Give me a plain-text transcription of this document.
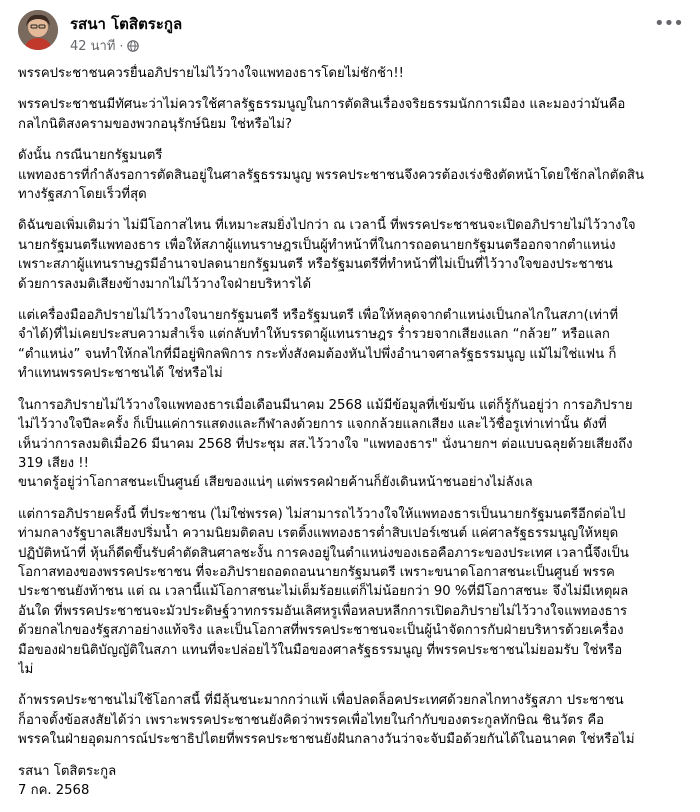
รสนา โตสิตระกูล
42 นาที ·
•••

พรรคประชาชนควรยื่นอภิปรายไม่ไว้วางใจแพทองธารโดยไม่ชักช้า!!

พรรคประชาชนมีทัศนะว่าไม่ควรใช้ศาลรัฐธรรมนูญในการตัดสินเรื่องจริยธรรมนักการเมือง และมองว่ามันคือ
กลไกนิติสงครามของพวกอนุรักษ์นิยม ใช่หรือไม่?

ดังนั้น กรณีนายกรัฐมนตรี
แพทองธารที่กำลังรอการตัดสินอยู่ในศาลรัฐธรรมนูญ พรรคประชาชนจึงควรต้องเร่งชิงตัดหน้าโดยใช้กลไกตัดสิน
ทางรัฐสภาโดยเร็วที่สุด

ดิฉันขอเพิ่มเติมว่า ไม่มีโอกาสไหน ที่เหมาะสมยิ่งไปกว่า ณ เวลานี้ ที่พรรคประชาชนจะเปิดอภิปรายไม่ไว้วางใจ
นายกรัฐมนตรีแพทองธาร เพื่อให้สภาผู้แทนราษฎรเป็นผู้ทำหน้าที่ในการถอดนายกรัฐมนตรีออกจากตำแหน่ง
เพราะสภาผู้แทนราษฎรมีอำนาจปลดนายกรัฐมนตรี หรือรัฐมนตรีที่ทำหน้าที่ไม่เป็นที่ไว้วางใจของประชาชน
ด้วยการลงมติเสียงข้างมากไม่ไว้วางใจฝ่ายบริหารได้

แต่เครื่องมืออภิปรายไม่ไว้วางใจนายกรัฐมนตรี หรือรัฐมนตรี เพื่อให้หลุดจากตำแหน่งเป็นกลไกในสภา(เท่าที่
จำได้)ที่ไม่เคยประสบความสำเร็จ แต่กลับทำให้บรรดาผู้แทนราษฎร ร่ำรวยจากเสียงแลก “กล้วย” หรือแลก
“ตำแหน่ง” จนทำให้กลไกที่มีอยู่พิกลพิการ กระทั่งสังคมต้องหันไปพึ่งอำนาจศาลรัฐธรรมนูญ แม้ไม่ใช่แฟน ก็
ทำแทนพรรคประชาชนได้ ใช่หรือไม่

ในการอภิปรายไม่ไว้วางใจแพทองธารเมื่อเดือนมีนาคม 2568 แม้มีข้อมูลที่เข้มข้น แต่ก็รู้กันอยู่ว่า การอภิปราย
ไม่ไว้วางใจปีละครั้ง ก็เป็นแค่การแสดงและกีฬาลงด้วยการ แจกกล้วยแลกเสียง และไว้ชื่อรูเท่าเท่านั้น ดังที่
เห็นว่าการลงมติเมื่อ26 มีนาคม 2568 ที่ประชุม สส.ไว้วางใจ "แพทองธาร" นั่งนายกฯ ต่อแบบฉลุยด้วยเสียงถึง
319 เสียง !!
ขนาดรู้อยู่ว่าโอกาสชนะเป็นศูนย์ เสียของแน่ๆ แต่พรรคฝ่ายค้านก็ยังเดินหน้าชนอย่างไม่ลังเล

แต่การอภิปรายครั้งนี้ ที่ประชาชน (ไม่ใช่พรรค) ไม่สามารถไว้วางใจให้แพทองธารเป็นนายกรัฐมนตรีอีกต่อไป
ท่ามกลางรัฐบาลเสียงปริ่มน้ำ ความนิยมติดลบ เรตติ้งแพทองธารต่ำสิบเปอร์เซนต์ แค่ศาลรัฐธรรมนูญให้หยุด
ปฏิบัติหน้าที่ หุ้นก็ดีดขึ้นรับคำตัดสินศาลชะงั้น การคงอยู่ในตำแหน่งของเธอคือภาระของประเทศ เวลานี้จึงเป็น
โอกาสทองของพรรคประชาชน ที่จะอภิปรายถอดถอนนายกรัฐมนตรี เพราะขนาดโอกาสชนะเป็นศูนย์ พรรค
ประชาชนยังท้าชน แต่ ณ เวลานี้แม้โอกาสชนะไม่เต็มร้อยแต่ก็ไม่น้อยกว่า 90 %ที่มีโอกาสชนะ จึงไม่มีเหตุผล
อันใด ที่พรรคประชาชนจะมัวประดิษฐ์วาทกรรมอันเลิศหรูเพื่อหลบหลีกการเปิดอภิปรายไม่ไว้วางใจแพทองธาร
ด้วยกลไกของรัฐสภาอย่างแท้จริง และเป็นโอกาสที่พรรคประชาชนจะเป็นผู้นำจัดการกับฝ่ายบริหารด้วยเครื่อง
มือของฝ่ายนิติบัญญัติในสภา แทนที่จะปล่อยไว้ในมือของศาลรัฐธรรมนูญ ที่พรรคประชาชนไม่ยอมรับ ใช่หรือ
ไม่

ถ้าพรรคประชาชนไม่ใช้โอกาสนี้ ที่มีลุ้นชนะมากกว่าแพ้ เพื่อปลดล็อคประเทศด้วยกลไกทางรัฐสภา ประชาชน
ก็อาจตั้งข้อสงสัยได้ว่า เพราะพรรคประชาชนยังคิดว่าพรรคเพื่อไทยในกำกับของตระกูลทักษิณ ชินวัตร คือ
พรรคในฝ่ายอุดมการณ์ประชาธิปไตยที่พรรคประชาชนยังฝันกลางวันว่าจะจับมือด้วยกันได้ในอนาคต ใช่หรือไม่

รสนา โตสิตระกูล
7 กค. 2568
